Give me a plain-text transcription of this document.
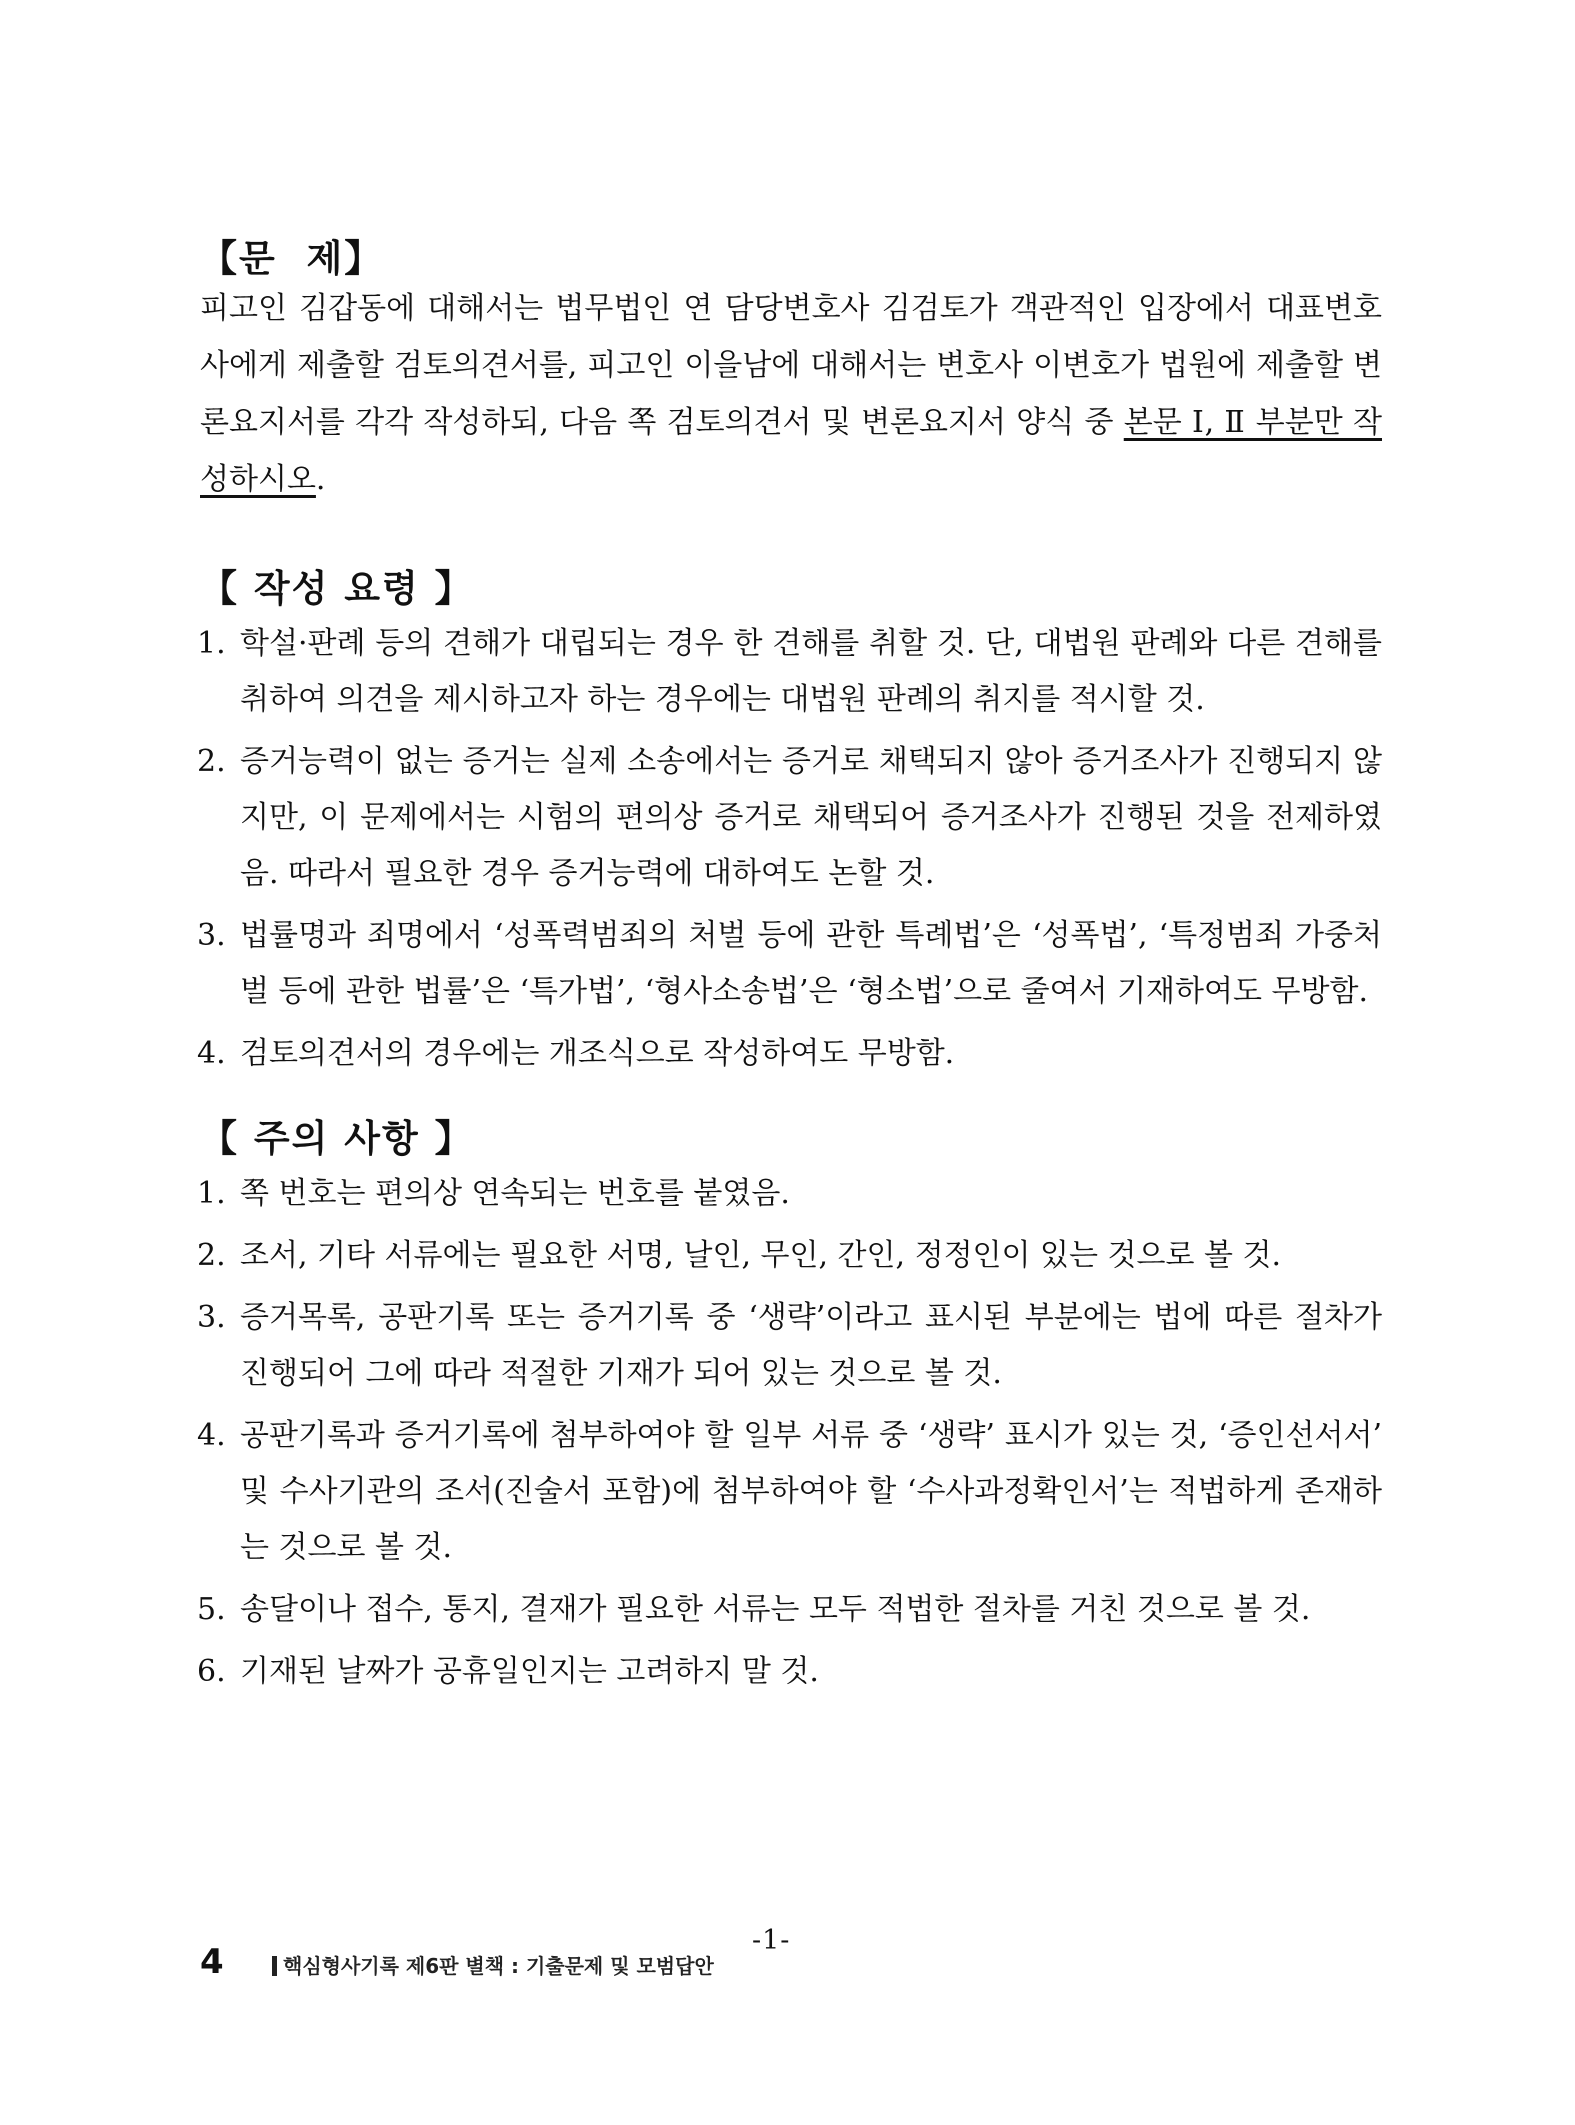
【문  제】
피고인 김갑동에 대해서는 법무법인 연 담당변호사 김검토가 객관적인 입장에서 대표변호사에게 제출할 검토의견서를, 피고인 이을남에 대해서는 변호사 이변호가 법원에 제출할 변론요지서를 각각 작성하되, 다음 쪽 검토의견서 및 변론요지서 양식 중 본문 Ⅰ, Ⅱ 부분만 작성하시오.
【 작성 요령 】
1. 학설·판례 등의 견해가 대립되는 경우 한 견해를 취할 것. 단, 대법원 판례와 다른 견해를 취하여 의견을 제시하고자 하는 경우에는 대법원 판례의 취지를 적시할 것.
2. 증거능력이 없는 증거는 실제 소송에서는 증거로 채택되지 않아 증거조사가 진행되지 않지만, 이 문제에서는 시험의 편의상 증거로 채택되어 증거조사가 진행된 것을 전제하였음. 따라서 필요한 경우 증거능력에 대하여도 논할 것.
3. 법률명과 죄명에서 ‘성폭력범죄의 처벌 등에 관한 특례법’은 ‘성폭법’, ‘특정범죄 가중처벌 등에 관한 법률’은 ‘특가법’, ‘형사소송법’은 ‘형소법’으로 줄여서 기재하여도 무방함.
4. 검토의견서의 경우에는 개조식으로 작성하여도 무방함.
【 주의 사항 】
1. 쪽 번호는 편의상 연속되는 번호를 붙였음.
2. 조서, 기타 서류에는 필요한 서명, 날인, 무인, 간인, 정정인이 있는 것으로 볼 것.
3. 증거목록, 공판기록 또는 증거기록 중 ‘생략’이라고 표시된 부분에는 법에 따른 절차가 진행되어 그에 따라 적절한 기재가 되어 있는 것으로 볼 것.
4. 공판기록과 증거기록에 첨부하여야 할 일부 서류 중 ‘생략’ 표시가 있는 것, ‘증인선서서’ 및 수사기관의 조서(진술서 포함)에 첨부하여야 할 ‘수사과정확인서’는 적법하게 존재하는 것으로 볼 것.
5. 송달이나 접수, 통지, 결재가 필요한 서류는 모두 적법한 절차를 거친 것으로 볼 것.
6. 기재된 날짜가 공휴일인지는 고려하지 말 것.
-1-
4	핵심형사기록 제6판 별책 : 기출문제 및 모범답안
